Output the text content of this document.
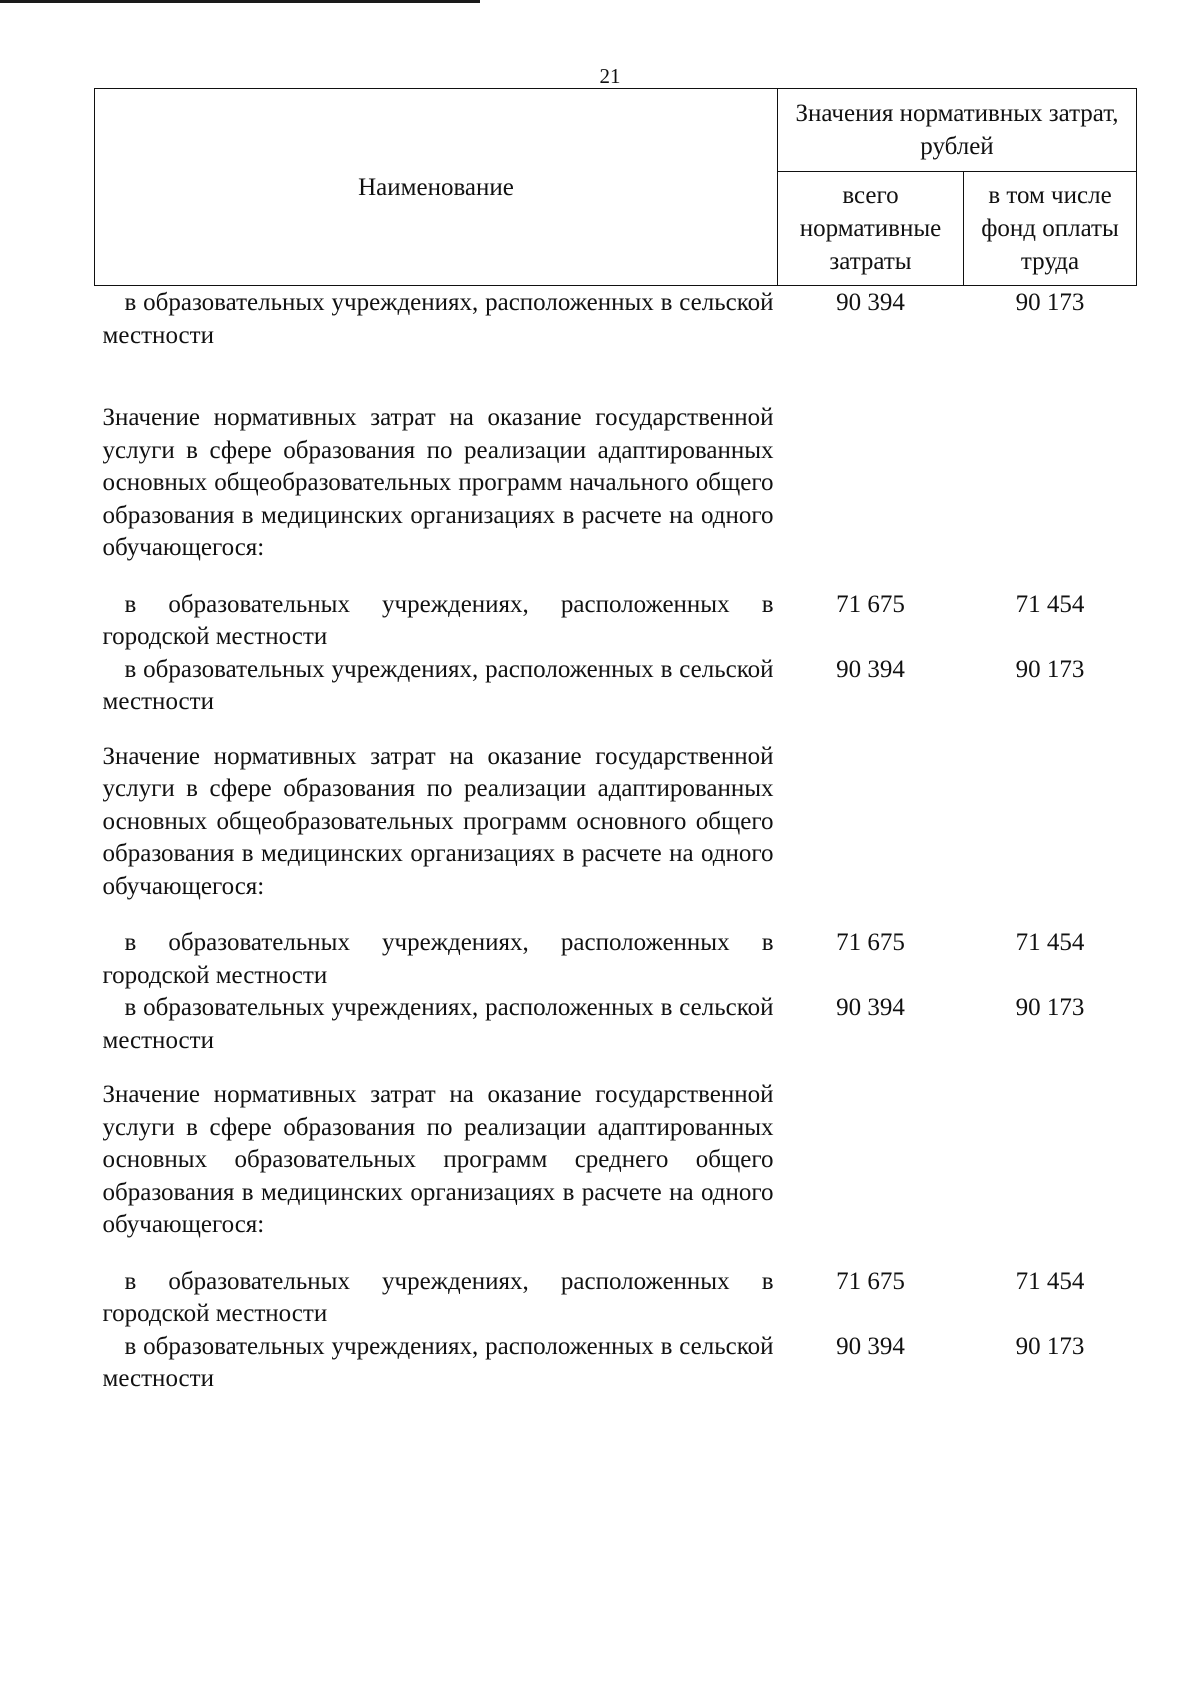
21
Наименование	Значения нормативных затрат, рублей	
	всего нормативные затраты	в том числе фонд оплаты труда
в образовательных учреждениях, расположенных в сельской местности	90 394	90 173
Значение нормативных затрат на оказание государственной услуги в сфере образования по реализации адаптированных основных общеобразовательных программ начального общего образования в медицинских организациях в расчете на одного обучающегося:		
в образовательных учреждениях, расположенных в городской местности	71 675	71 454
в образовательных учреждениях, расположенных в сельской местности	90 394	90 173
Значение нормативных затрат на оказание государственной услуги в сфере образования по реализации адаптированных основных общеобразовательных программ основного общего образования в медицинских организациях в расчете на одного обучающегося:		
в образовательных учреждениях, расположенных в городской местности	71 675	71 454
в образовательных учреждениях, расположенных в сельской местности	90 394	90 173
Значение нормативных затрат на оказание государственной услуги в сфере образования по реализации адаптированных основных образовательных программ среднего общего образования в медицинских организациях в расчете на одного обучающегося:		
в образовательных учреждениях, расположенных в городской местности	71 675	71 454
в образовательных учреждениях, расположенных в сельской местности	90 394	90 173
